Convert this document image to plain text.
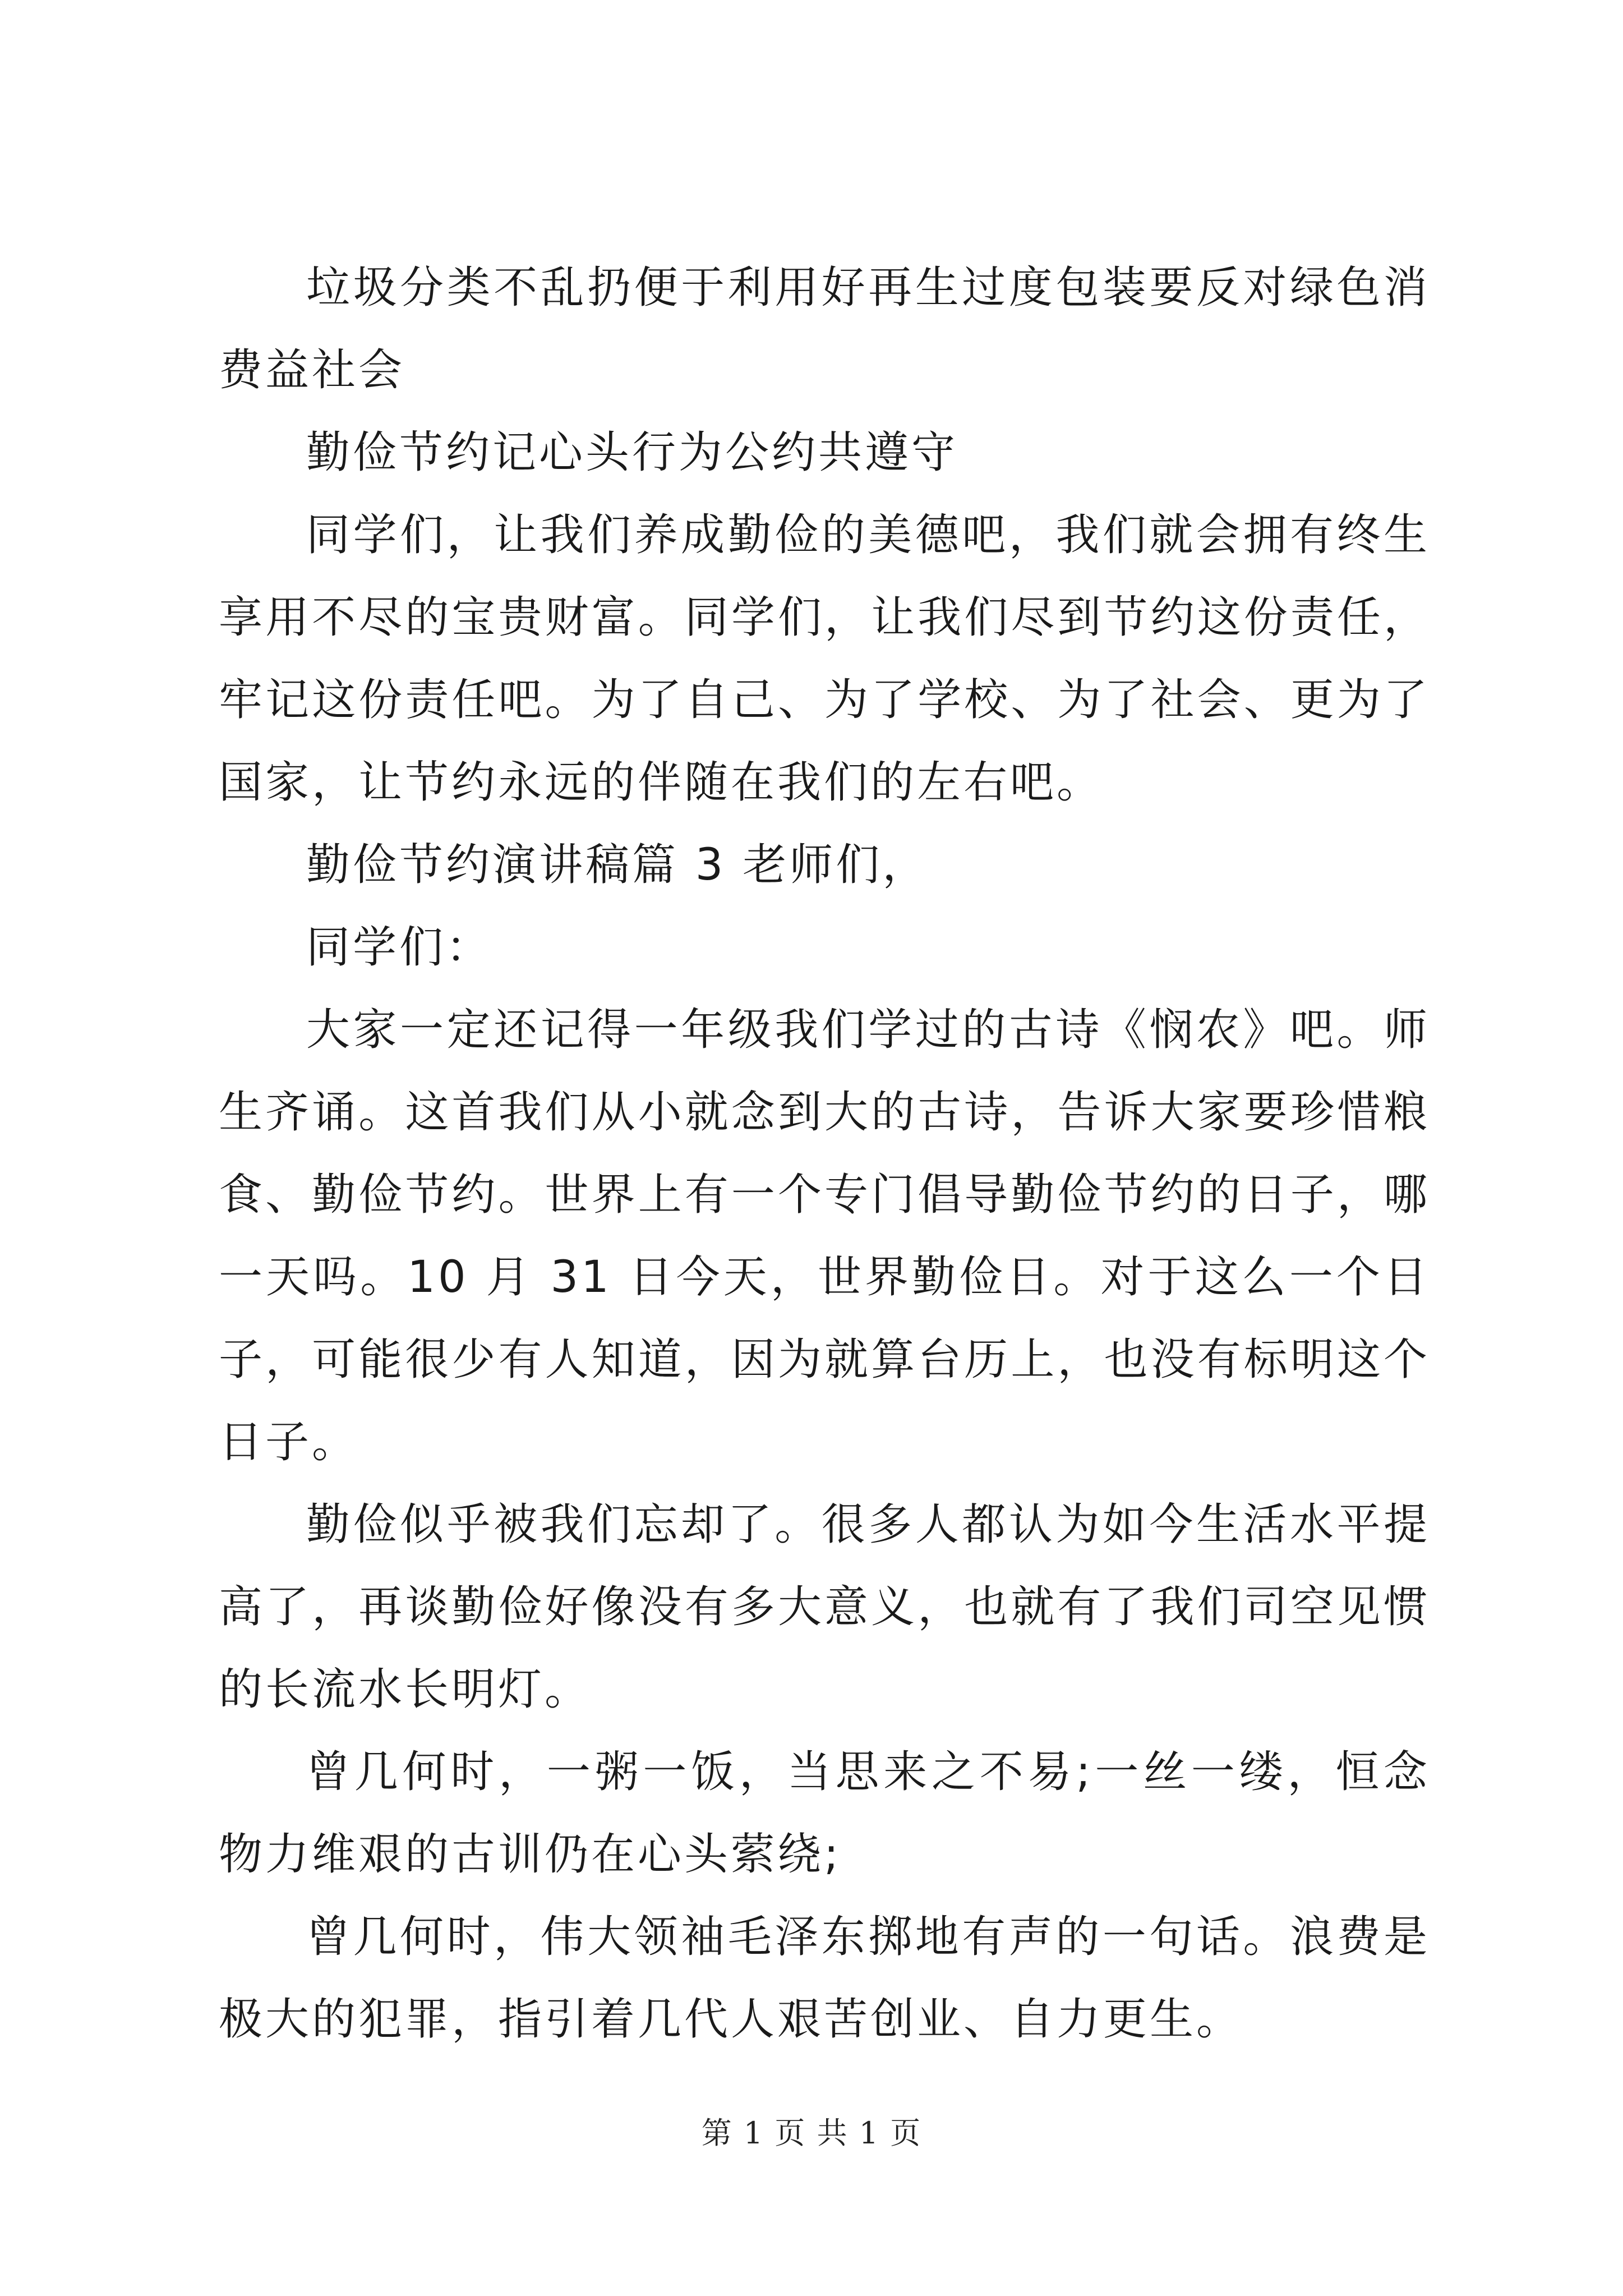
垃圾分类不乱扔便于利用好再生过度包装要反对绿色消费益社会

勤俭节约记心头行为公约共遵守

同学们，让我们养成勤俭的美德吧，我们就会拥有终生享用不尽的宝贵财富。同学们，让我们尽到节约这份责任，牢记这份责任吧。为了自己、为了学校、为了社会、更为了国家，让节约永远的伴随在我们的左右吧。

勤俭节约演讲稿篇 3 老师们，

同学们：

大家一定还记得一年级我们学过的古诗《悯农》吧。师生齐诵。这首我们从小就念到大的古诗，告诉大家要珍惜粮食、勤俭节约。世界上有一个专门倡导勤俭节约的日子，哪一天吗。10 月 31 日今天，世界勤俭日。对于这么一个日子，可能很少有人知道，因为就算台历上，也没有标明这个日子。

勤俭似乎被我们忘却了。很多人都认为如今生活水平提高了，再谈勤俭好像没有多大意义，也就有了我们司空见惯的长流水长明灯。

曾几何时，一粥一饭，当思来之不易;一丝一缕，恒念物力维艰的古训仍在心头萦绕;

曾几何时，伟大领袖毛泽东掷地有声的一句话。浪费是极大的犯罪，指引着几代人艰苦创业、自力更生。

第 1 页 共 1 页
